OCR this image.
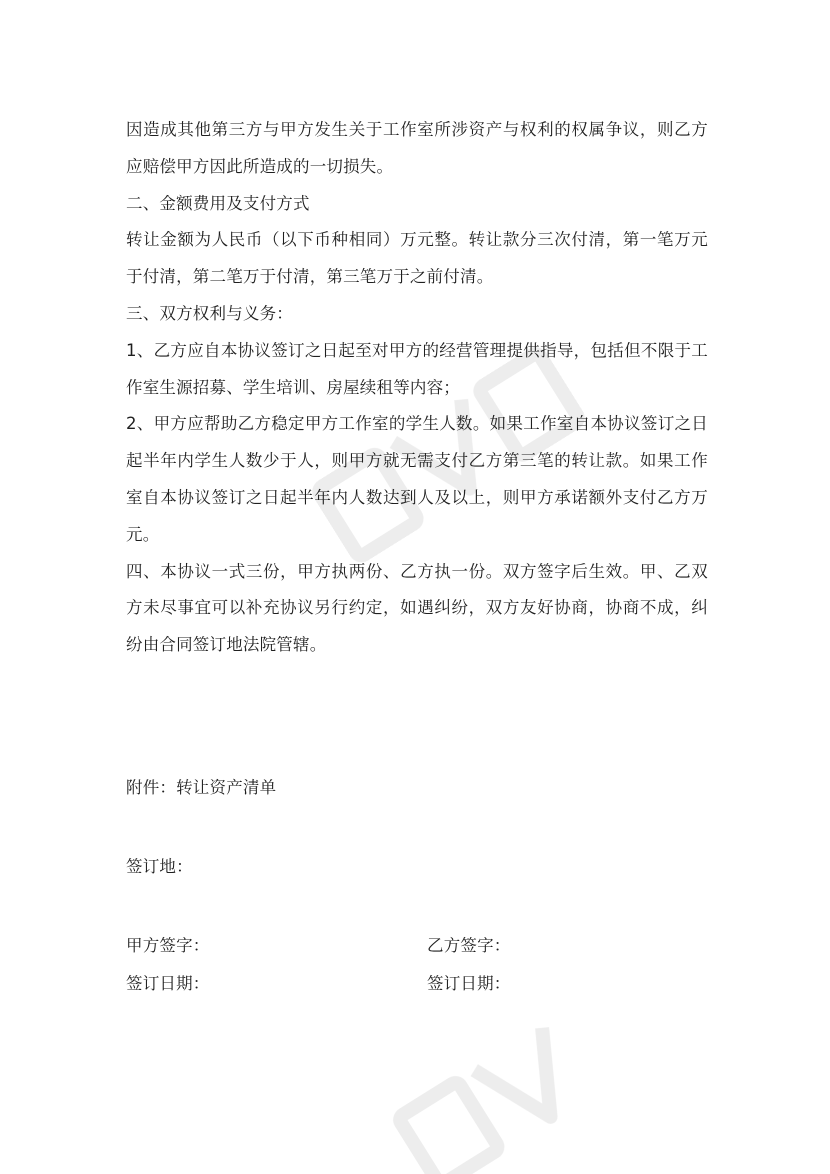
因造成其他第三方与甲方发生关于工作室所涉资产与权利的权属争议，则乙方应赔偿甲方因此所造成的一切损失。

二、金额费用及支付方式

转让金额为人民币（以下币种相同）万元整。转让款分三次付清，第一笔万元于付清，第二笔万于付清，第三笔万于之前付清。

三、双方权利与义务：

1、乙方应自本协议签订之日起至对甲方的经营管理提供指导，包括但不限于工作室生源招募、学生培训、房屋续租等内容；

2、甲方应帮助乙方稳定甲方工作室的学生人数。如果工作室自本协议签订之日起半年内学生人数少于人，则甲方就无需支付乙方第三笔的转让款。如果工作室自本协议签订之日起半年内人数达到人及以上，则甲方承诺额外支付乙方万元。

四、本协议一式三份，甲方执两份、乙方执一份。双方签字后生效。甲、乙双方未尽事宜可以补充协议另行约定，如遇纠纷，双方友好协商，协商不成，纠纷由合同签订地法院管辖。

附件：转让资产清单
签订地：
甲方签字：	乙方签字：
签订日期：	签订日期：
